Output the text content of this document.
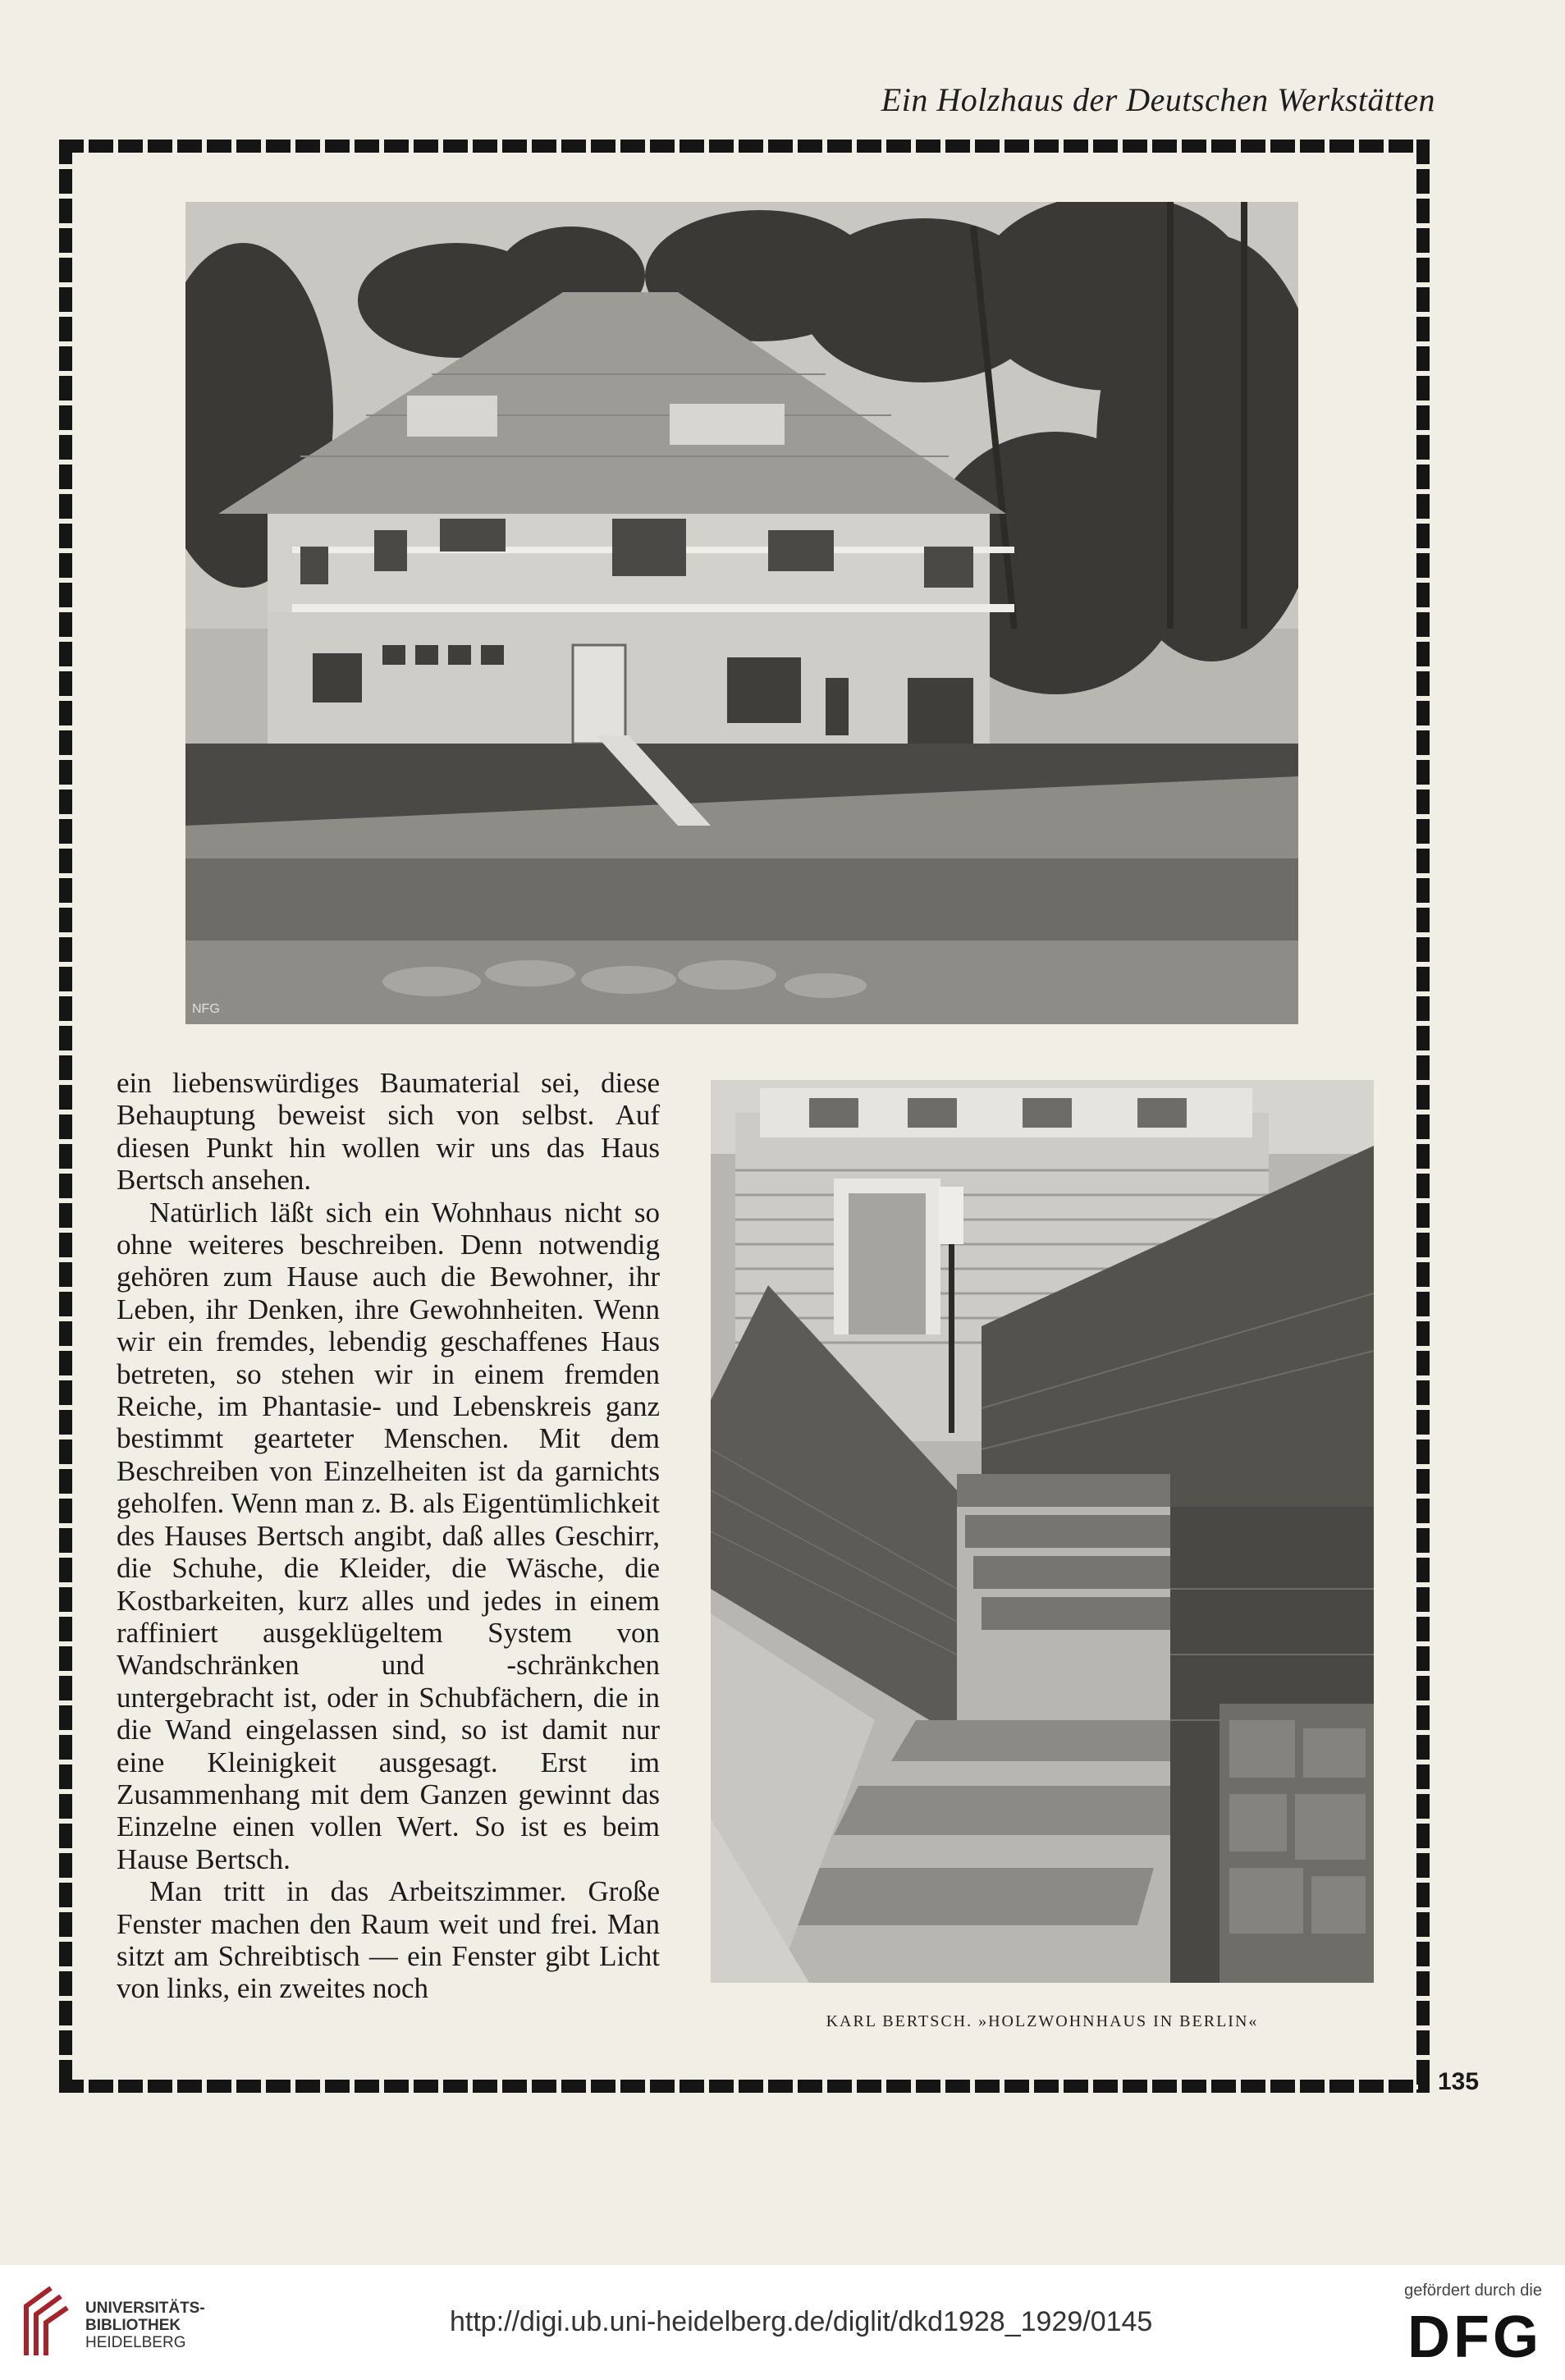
Ein Holzhaus der Deutschen Werkstätten
NFG

ein liebenswürdiges Baumaterial sei, diese Behauptung beweist sich von selbst. Auf diesen Punkt hin wollen wir uns das Haus Bertsch ansehen.

Natürlich läßt sich ein Wohnhaus nicht so ohne weiteres beschreiben. Denn notwendig gehören zum Hause auch die Bewohner, ihr Leben, ihr Denken, ihre Gewohnheiten. Wenn wir ein fremdes, lebendig geschaffenes Haus betreten, so stehen wir in einem fremden Reiche, im Phantasie- und Lebenskreis ganz bestimmt gearteter Menschen. Mit dem Beschreiben von Einzelheiten ist da garnichts geholfen. Wenn man z. B. als Eigentümlichkeit des Hauses Bertsch angibt, daß alles Geschirr, die Schuhe, die Kleider, die Wäsche, die Kostbarkeiten, kurz alles und jedes in einem raffiniert ausgeklügeltem System von Wandschränken und -schränkchen untergebracht ist, oder in Schubfächern, die in die Wand eingelassen sind, so ist damit nur eine Kleinigkeit ausgesagt. Erst im Zusammenhang mit dem Ganzen gewinnt das Einzelne einen vollen Wert. So ist es beim Hause Bertsch.

Man tritt in das Arbeitszimmer. Große Fenster machen den Raum weit und frei. Man sitzt am Schreibtisch — ein Fenster gibt Licht von links, ein zweites noch

KARL BERTSCH. »HOLZWOHNHAUS IN BERLIN«
135
UNIVERSITÄTS-
BIBLIOTHEK
HEIDELBERG
http://digi.ub.uni-heidelberg.de/diglit/dkd1928_1929/0145
gefördert durch die
DFG
